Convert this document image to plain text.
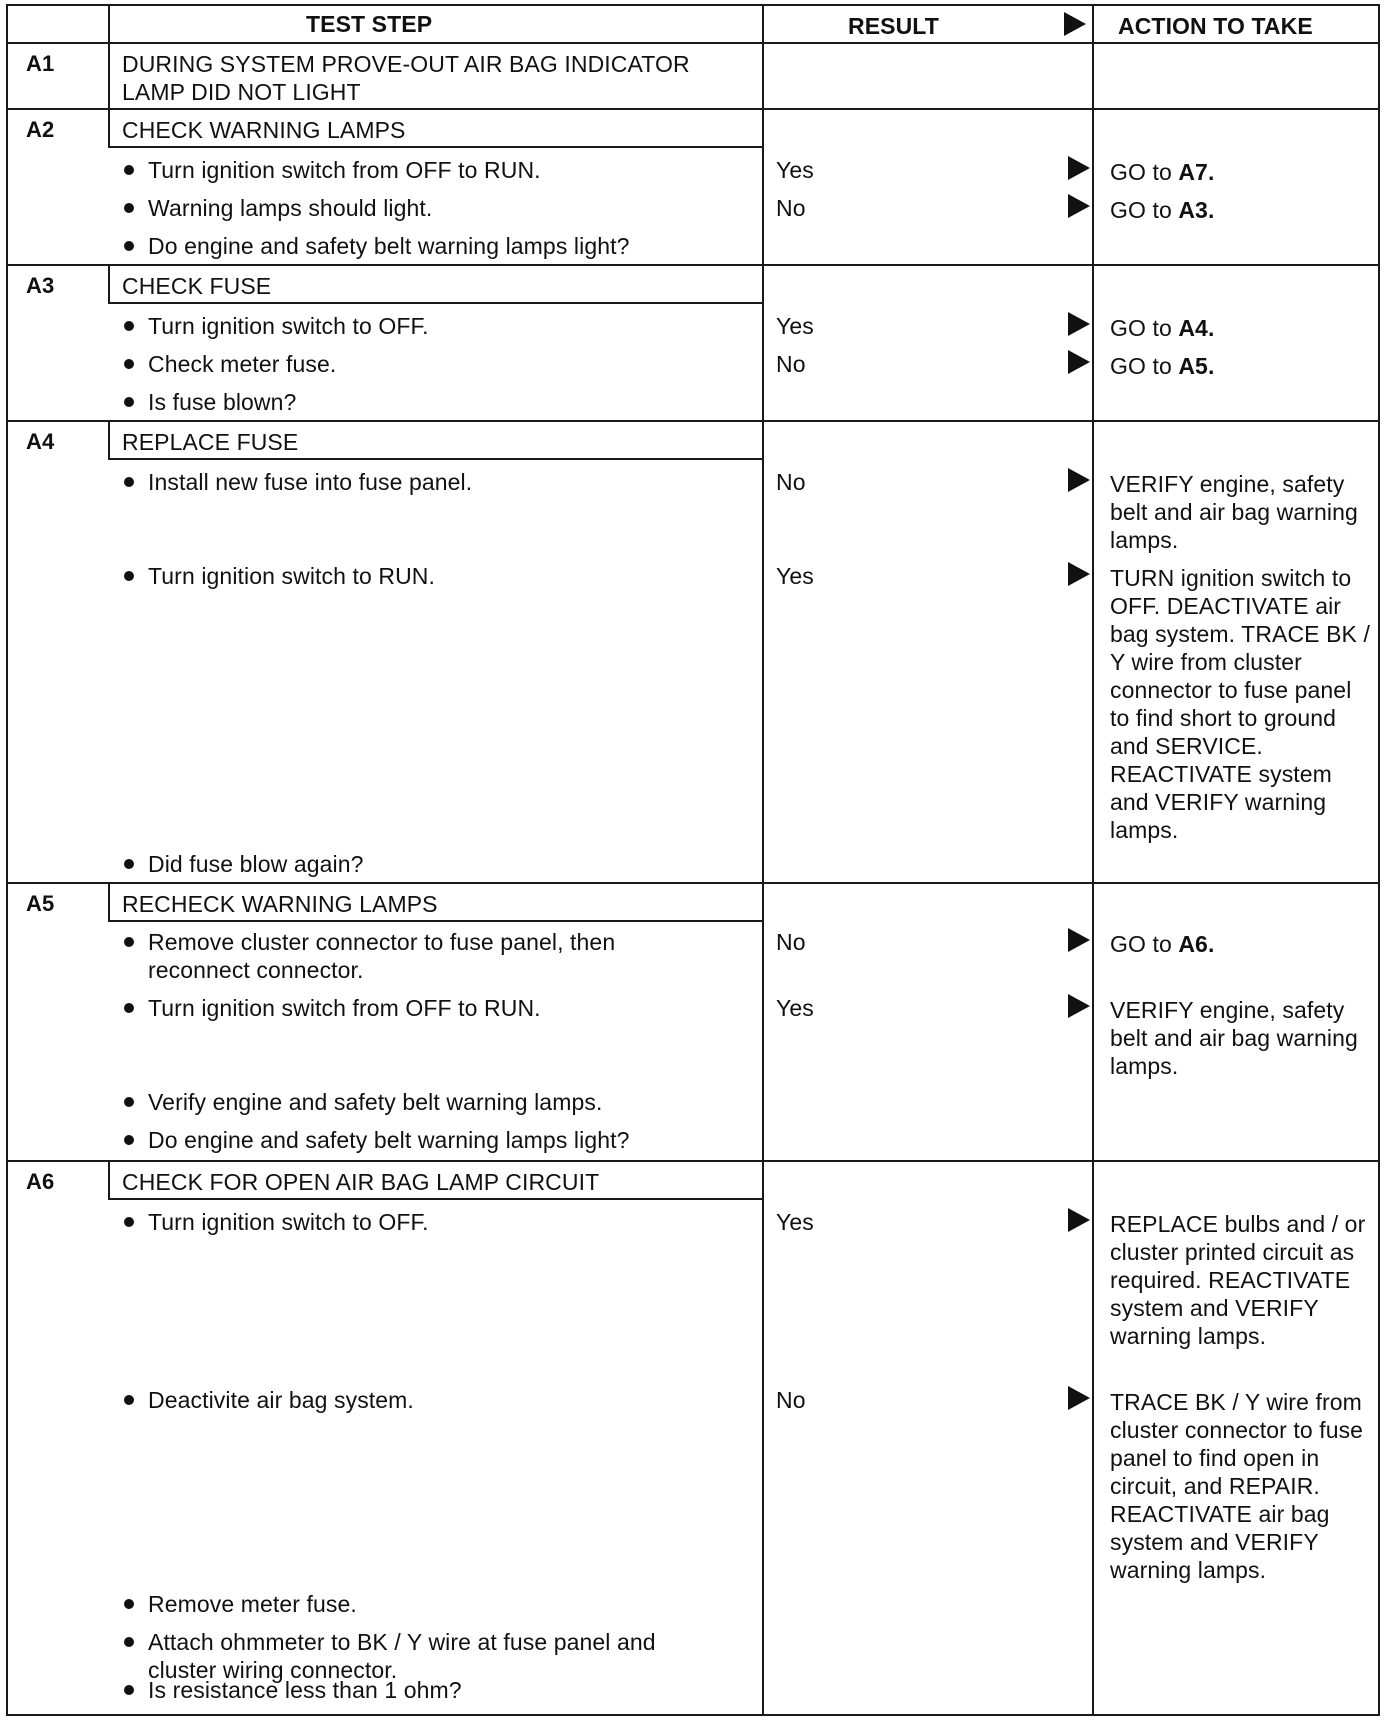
TEST STEP	RESULT	ACTION TO TAKE
A1	DURING SYSTEM PROVE-OUT AIR BAG INDICATOR LAMP DID NOT LIGHT
A2	CHECK WARNING LAMPS
Turn ignition switch from OFF to RUN.
Warning lamps should light.
Do engine and safety belt warning lamps light?
Yes	GO to A7.
No	GO to A3.
A3	CHECK FUSE
Turn ignition switch to OFF.
Check meter fuse.
Is fuse blown?
Yes	GO to A4.
No	GO to A5.
A4	REPLACE FUSE
Install new fuse into fuse panel.
Turn ignition switch to RUN.
Did fuse blow again?
No	VERIFY engine, safety belt and air bag warning lamps.
Yes	TURN ignition switch to OFF. DEACTIVATE air bag system. TRACE BK / Y wire from cluster connector to fuse panel to find short to ground and SERVICE. REACTIVATE system and VERIFY warning lamps.
A5	RECHECK WARNING LAMPS
Remove cluster connector to fuse panel, then reconnect connector.
Turn ignition switch from OFF to RUN.
Verify engine and safety belt warning lamps.
Do engine and safety belt warning lamps light?
No	GO to A6.
Yes	VERIFY engine, safety belt and air bag warning lamps.
A6	CHECK FOR OPEN AIR BAG LAMP CIRCUIT
Turn ignition switch to OFF.
Deactivite air bag system.
Remove meter fuse.
Attach ohmmeter to BK / Y wire at fuse panel and cluster wiring connector.
Is resistance less than 1 ohm?
Yes	REPLACE bulbs and / or cluster printed circuit as required. REACTIVATE system and VERIFY warning lamps.
No	TRACE BK / Y wire from cluster connector to fuse panel to find open in circuit, and REPAIR. REACTIVATE air bag system and VERIFY warning lamps.
